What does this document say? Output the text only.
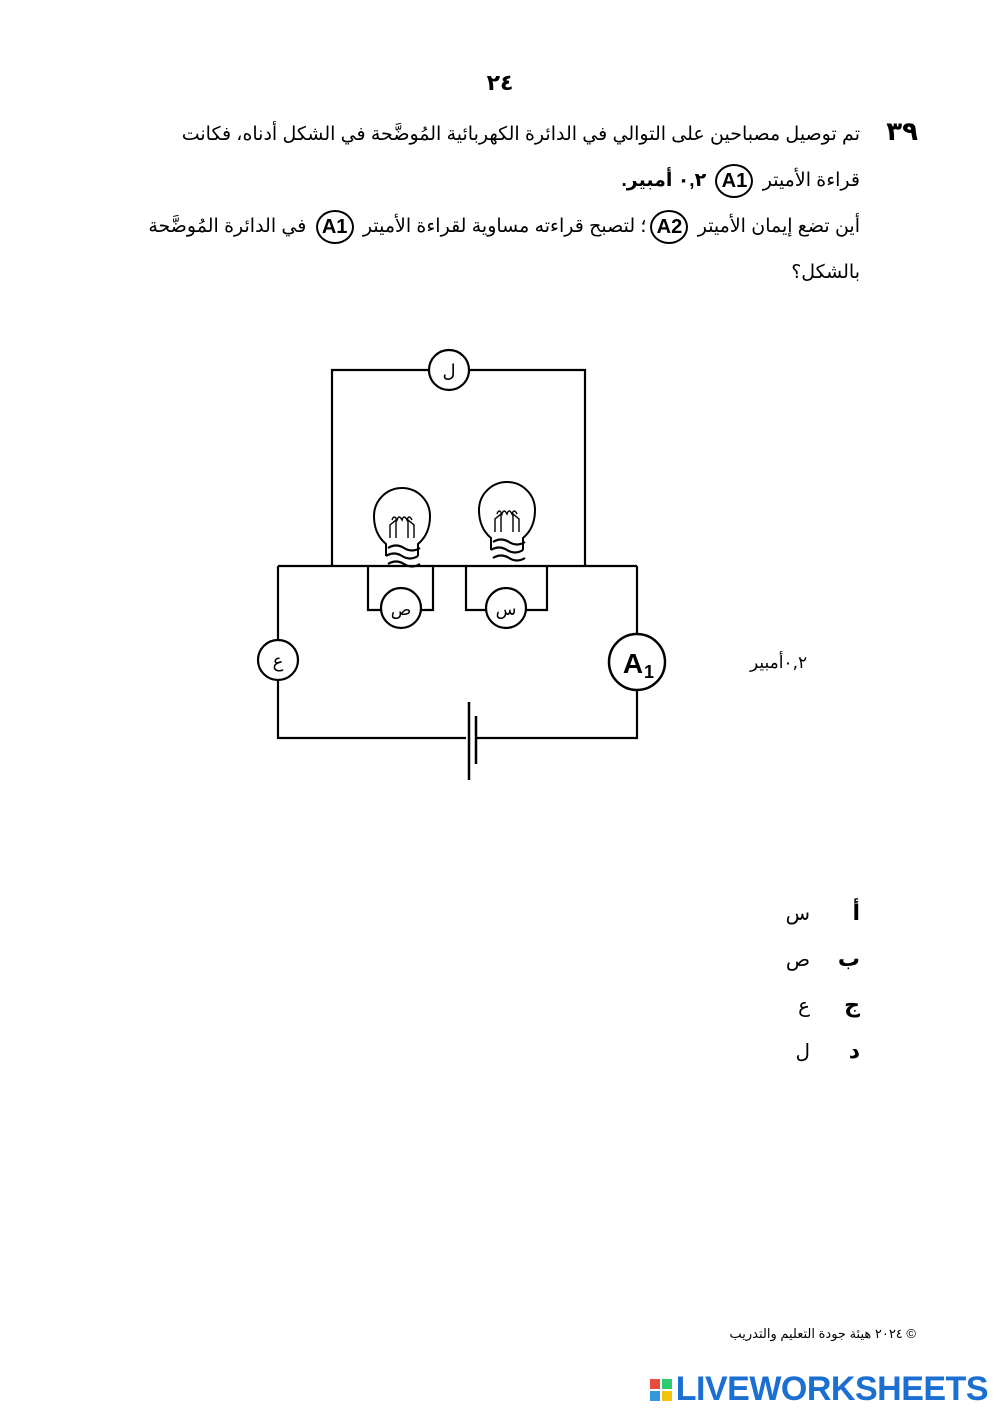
٢٤
٣٩
تم توصيل مصباحين على التوالي في الدائرة الكهربائية المُوضَّحة في الشكل أدناه، فكانت
قراءة الأميتر A1 ٠,٢ أمبير.
أين تضع إيمان الأميتر A2؛ لتصبح قراءته مساوية لقراءة الأميتر A1 في الدائرة المُوضَّحة
بالشكل؟
ل
ع
ص	س
A 1	٠,٢أمبير
أ
س
ب
ص
ج
ع
د
ل
© ٢٠٢٤ هيئة جودة التعليم والتدريب
LIVEWORKSHEETS
